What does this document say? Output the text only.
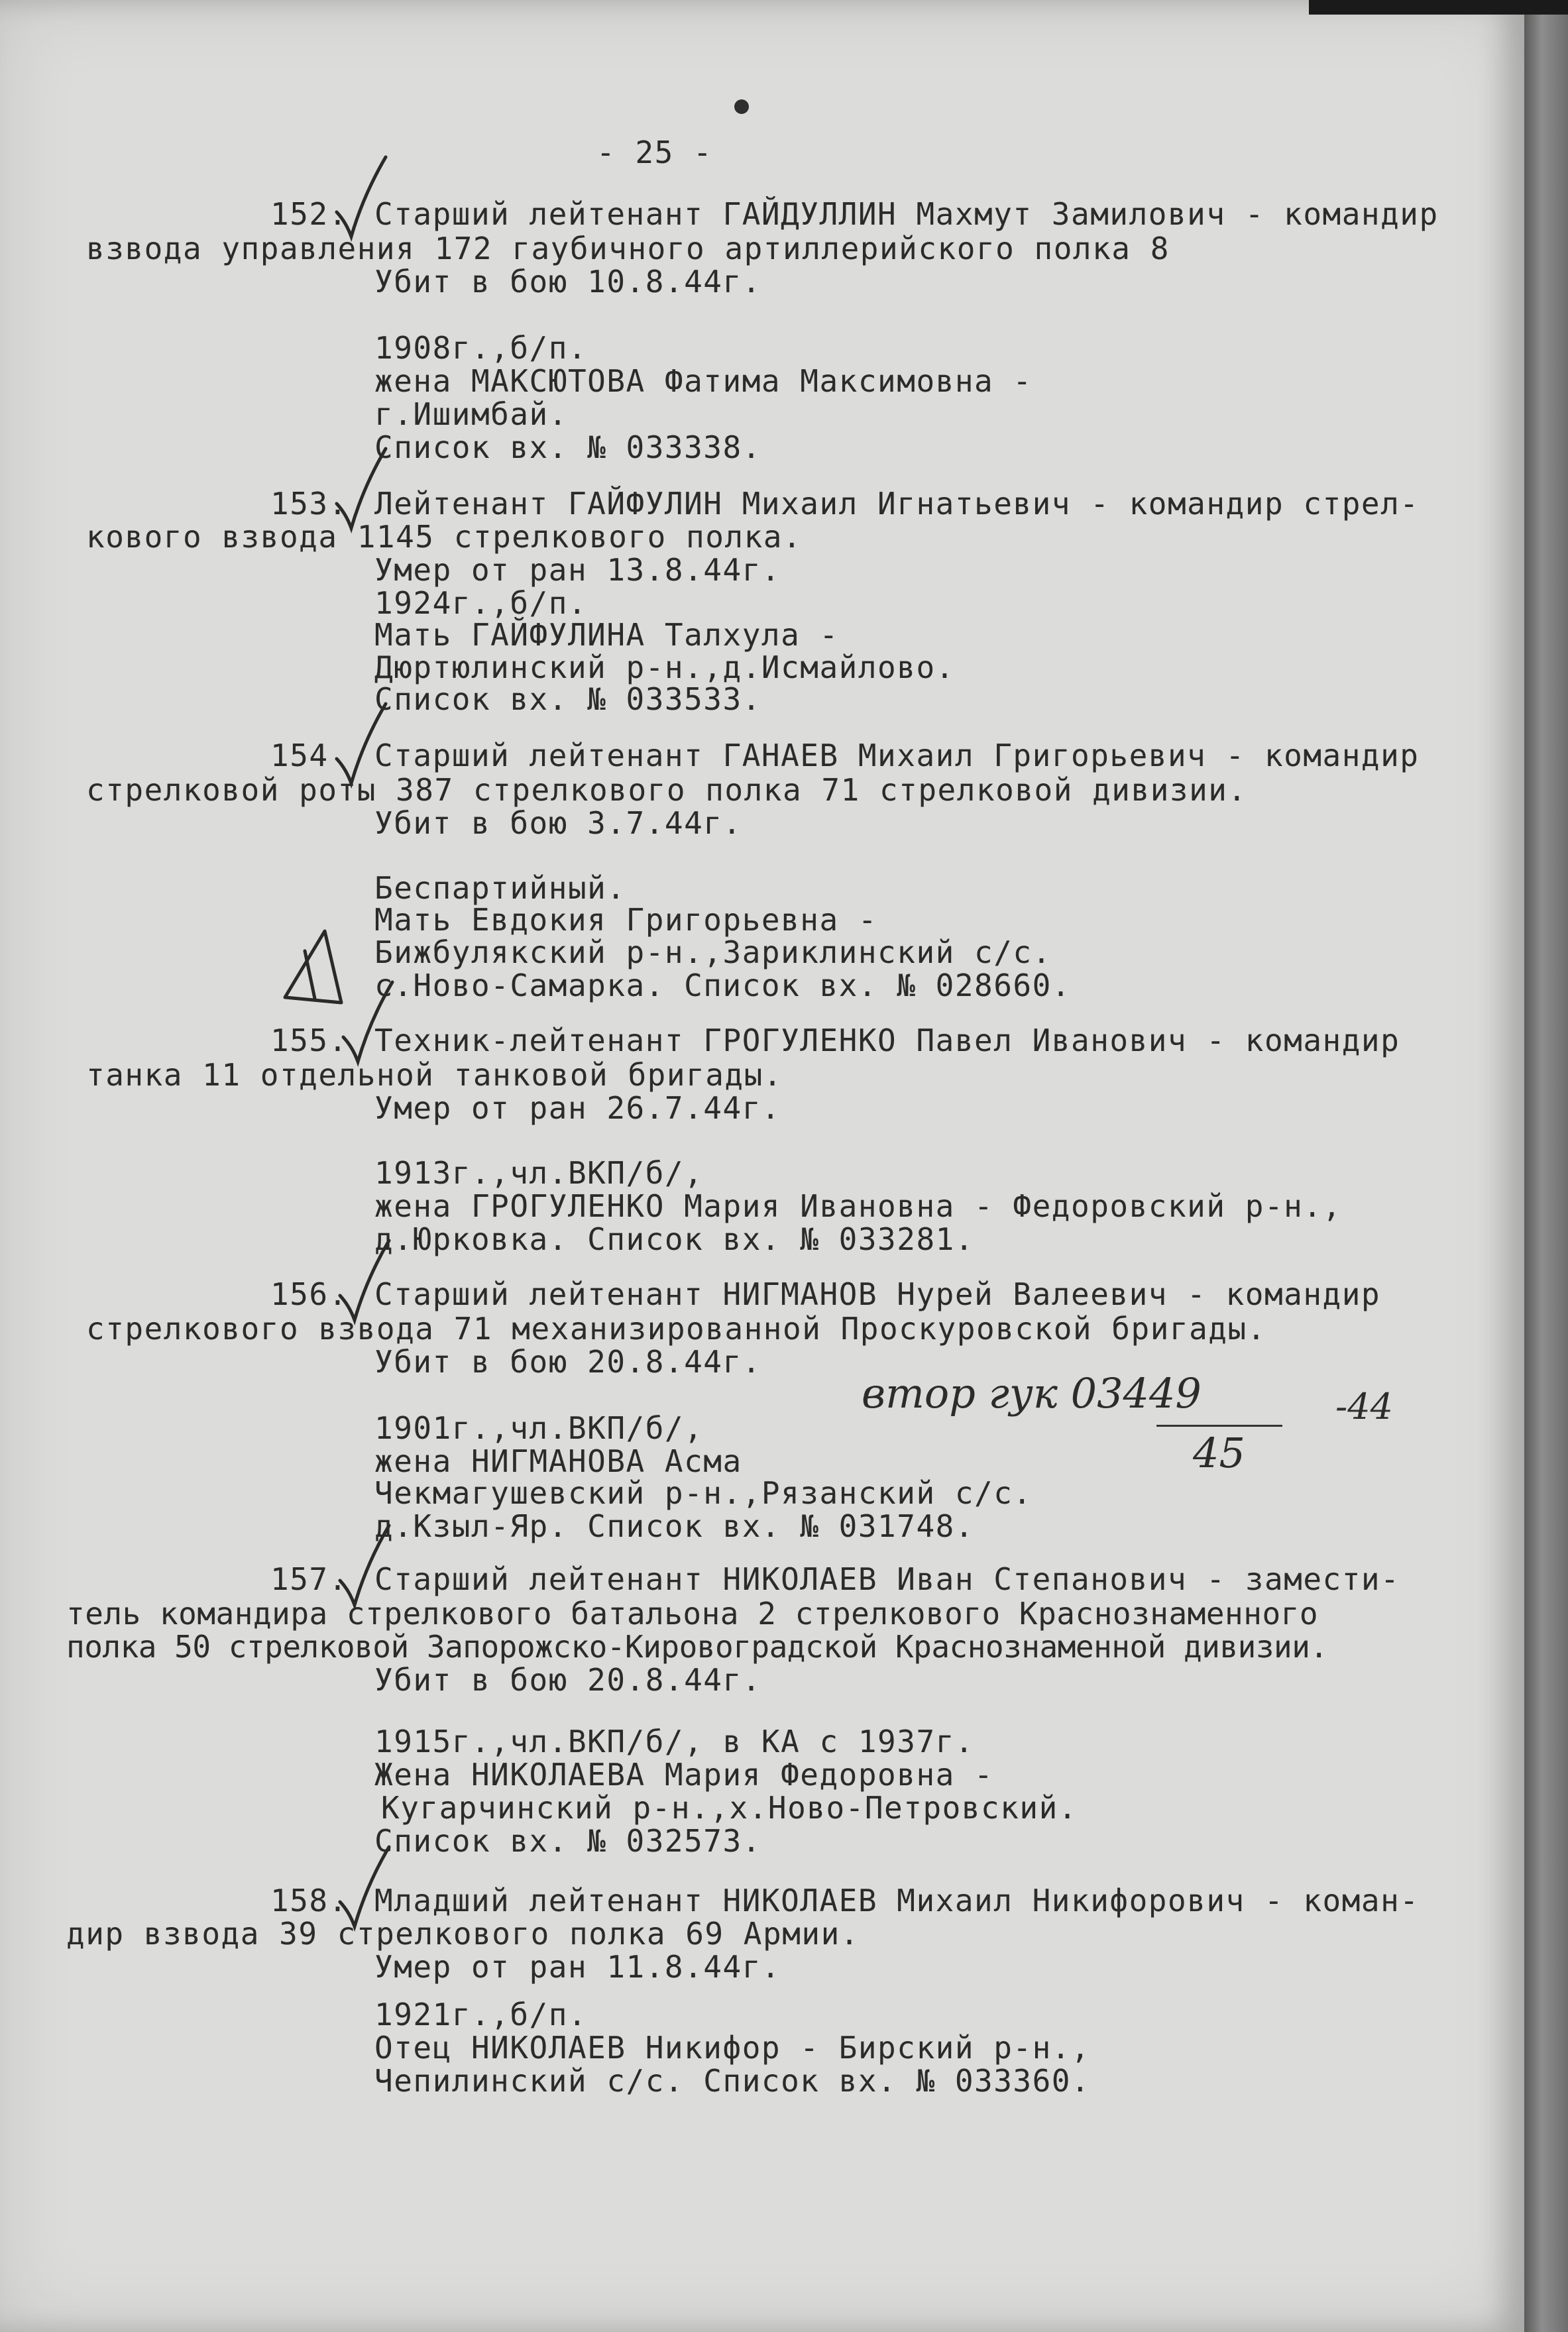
- 25 -
152. Старший лейтенант ГАЙДУЛЛИН Махмут Замилович - командир
взвода управления 172 гаубичного артиллерийского полка 8
Убит в бою 10.8.44г.
1908г.,б/п.
жена МАКСЮТОВА Фатима Максимовна -
г.Ишимбай.
Список вх. № 033338.
153. Лейтенант ГАЙФУЛИН Михаил Игнатьевич - командир стрел-
кового взвода 1145 стрелкового полка.
Умер от ран 13.8.44г.
1924г.,б/п.
Мать ГАЙФУЛИНА Талхула -
Дюртюлинский р-н.,д.Исмайлово.
Список вх. № 033533.
154 Старший лейтенант ГАНАЕВ Михаил Григорьевич - командир
стрелковой роты 387 стрелкового полка 71 стрелковой дивизии.
Убит в бою 3.7.44г.
Беспартийный.
Мать Евдокия Григорьевна -
Бижбулякский р-н.,Зариклинский с/с.
с.Ново-Самарка. Список вх. № 028660.
155. Техник-лейтенант ГРОГУЛЕНКО Павел Иванович - командир
танка 11 отдельной танковой бригады.
Умер от ран 26.7.44г.
1913г.,чл.ВКП/б/,
жена ГРОГУЛЕНКО Мария Ивановна - Федоровский р-н.,
д.Юрковка. Список вх. № 033281.
156. Старший лейтенант НИГМАНОВ Нурей Валеевич - командир
стрелкового взвода 71 механизированной Проскуровской бригады.
Убит в бою 20.8.44г.
1901г.,чл.ВКП/б/,
жена НИГМАНОВА Асма
Чекмагушевский р-н.,Рязанский с/с.
д.Кзыл-Яр. Список вх. № 031748.
втор гук 03449	-44
45
157. Старший лейтенант НИКОЛАЕВ Иван Степанович - замести-
тель командира стрелкового батальона 2 стрелкового Краснознаменного
полка 50 стрелковой Запорожско-Кировоградской Краснознаменной дивизии.
Убит в бою 20.8.44г.
1915г.,чл.ВКП/б/, в КА с 1937г.
Жена НИКОЛАЕВА Мария Федоровна -
Кугарчинский р-н.,х.Ново-Петровский.
Список вх. № 032573.
158. Младший лейтенант НИКОЛАЕВ Михаил Никифорович - коман-
дир взвода 39 стрелкового полка 69 Армии.
Умер от ран 11.8.44г.
1921г.,б/п.
Отец НИКОЛАЕВ Никифор - Бирский р-н.,
Чепилинский с/с. Список вх. № 033360.
